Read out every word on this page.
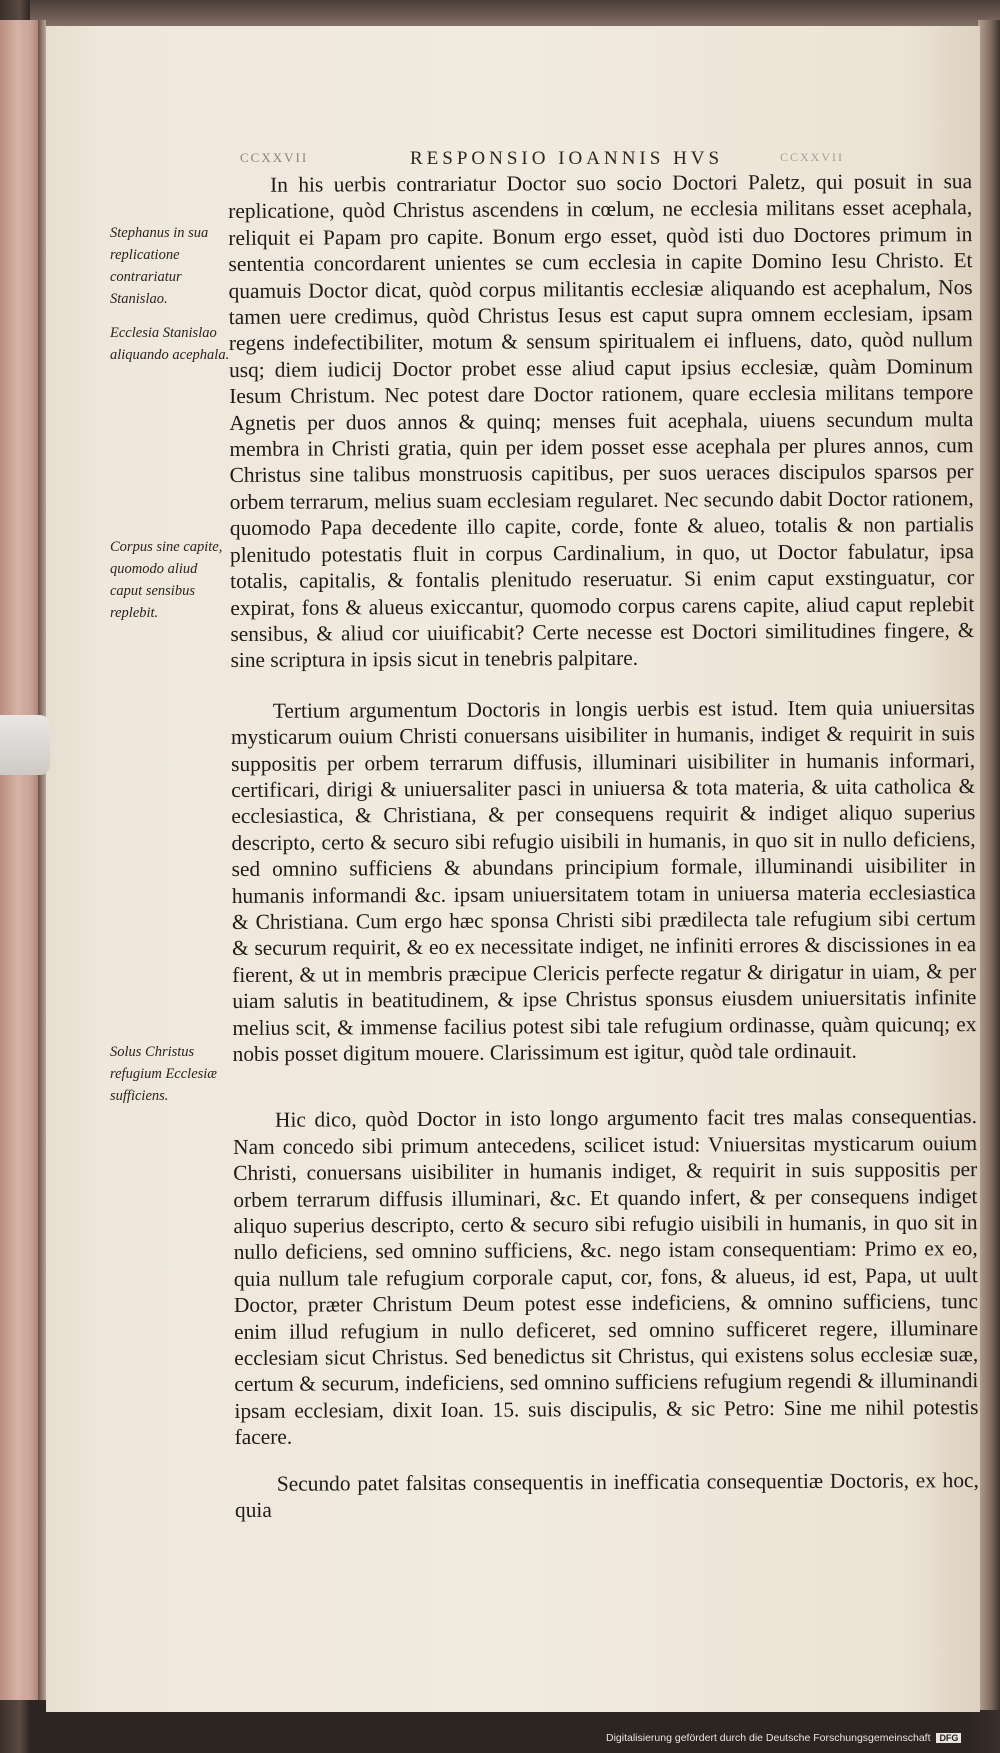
CCXXVII	CCXXVII
RESPONSIO IOANNIS HVS
Stephanus in sua replicatione contrariatur Stanislao.
Ecclesia Stanislao aliquando acephala.
Corpus sine capite, quomodo aliud caput sensibus replebit.
Solus Christus refugium Ecclesiæ sufficiens.

In his uerbis contrariatur Doctor suo socio Doctori Paletz, qui posuit in sua replicatione, quòd Christus ascendens in cœlum, ne ecclesia militans esset acephala, reliquit ei Papam pro capite. Bonum ergo esset, quòd isti duo Doctores primum in sententia concordarent unientes se cum ecclesia in capite Domino Iesu Christo. Et quamuis Doctor dicat, quòd corpus militantis ecclesiæ aliquando est acephalum, Nos tamen uere credimus, quòd Christus Iesus est caput supra omnem ecclesiam, ipsam regens indefectibiliter, motum & sensum spiritualem ei influens, dato, quòd nullum usq; diem iudicij Doctor probet esse aliud caput ipsius ecclesiæ, quàm Dominum Iesum Christum. Nec potest dare Doctor rationem, quare ecclesia militans tempore Agnetis per duos annos & quinq; menses fuit acephala, uiuens secundum multa membra in Christi gratia, quin per idem posset esse acephala per plures annos, cum Christus sine talibus monstruosis capitibus, per suos ueraces discipulos sparsos per orbem terrarum, melius suam ecclesiam regularet. Nec secundo dabit Doctor rationem, quomodo Papa decedente illo capite, corde, fonte & alueo, totalis & non partialis plenitudo potestatis fluit in corpus Cardinalium, in quo, ut Doctor fabulatur, ipsa totalis, capitalis, & fontalis plenitudo reseruatur. Si enim caput exstinguatur, cor expirat, fons & alueus exiccantur, quomodo corpus carens capite, aliud caput replebit sensibus, & aliud cor uiuificabit? Certe necesse est Doctori similitudines fingere, & sine scriptura in ipsis sicut in tenebris palpitare.

Tertium argumentum Doctoris in longis uerbis est istud. Item quia uniuersitas mysticarum ouium Christi conuersans uisibiliter in humanis, indiget & requirit in suis suppositis per orbem terrarum diffusis, illuminari uisibiliter in humanis informari, certificari, dirigi & uniuersaliter pasci in uniuersa & tota materia, & uita catholica & ecclesiastica, & Christiana, & per consequens requirit & indiget aliquo superius descripto, certo & securo sibi refugio uisibili in humanis, in quo sit in nullo deficiens, sed omnino sufficiens & abundans principium formale, illuminandi uisibiliter in humanis informandi &c. ipsam uniuersitatem totam in uniuersa materia ecclesiastica & Christiana. Cum ergo hæc sponsa Christi sibi prædilecta tale refugium sibi certum & securum requirit, & eo ex necessitate indiget, ne infiniti errores & discissiones in ea fierent, & ut in membris præcipue Clericis perfecte regatur & dirigatur in uiam, & per uiam salutis in beatitudinem, & ipse Christus sponsus eiusdem uniuersitatis infinite melius scit, & immense facilius potest sibi tale refugium ordinasse, quàm quicunq; ex nobis posset digitum mouere. Clarissimum est igitur, quòd tale ordinauit.

Hic dico, quòd Doctor in isto longo argumento facit tres malas consequentias. Nam concedo sibi primum antecedens, scilicet istud: Vniuersitas mysticarum ouium Christi, conuersans uisibiliter in humanis indiget, & requirit in suis suppositis per orbem terrarum diffusis illuminari, &c. Et quando infert, & per consequens indiget aliquo superius descripto, certo & securo sibi refugio uisibili in humanis, in quo sit in nullo deficiens, sed omnino sufficiens, &c. nego istam consequentiam: Primo ex eo, quia nullum tale refugium corporale caput, cor, fons, & alueus, id est, Papa, ut uult Doctor, præter Christum Deum potest esse indeficiens, & omnino sufficiens, tunc enim illud refugium in nullo deficeret, sed omnino sufficeret regere, illuminare ecclesiam sicut Christus. Sed benedictus sit Christus, qui existens solus ecclesiæ suæ, certum & securum, indeficiens, sed omnino sufficiens refugium regendi & illuminandi ipsam ecclesiam, dixit Ioan. 15. suis discipulis, & sic Petro: Sine me nihil potestis facere.

Secundo patet falsitas consequentis in inefficatia consequentiæ Doctoris, ex hoc, quia

Digitalisierung gefördert durch die Deutsche Forschungsgemeinschaft DFG
